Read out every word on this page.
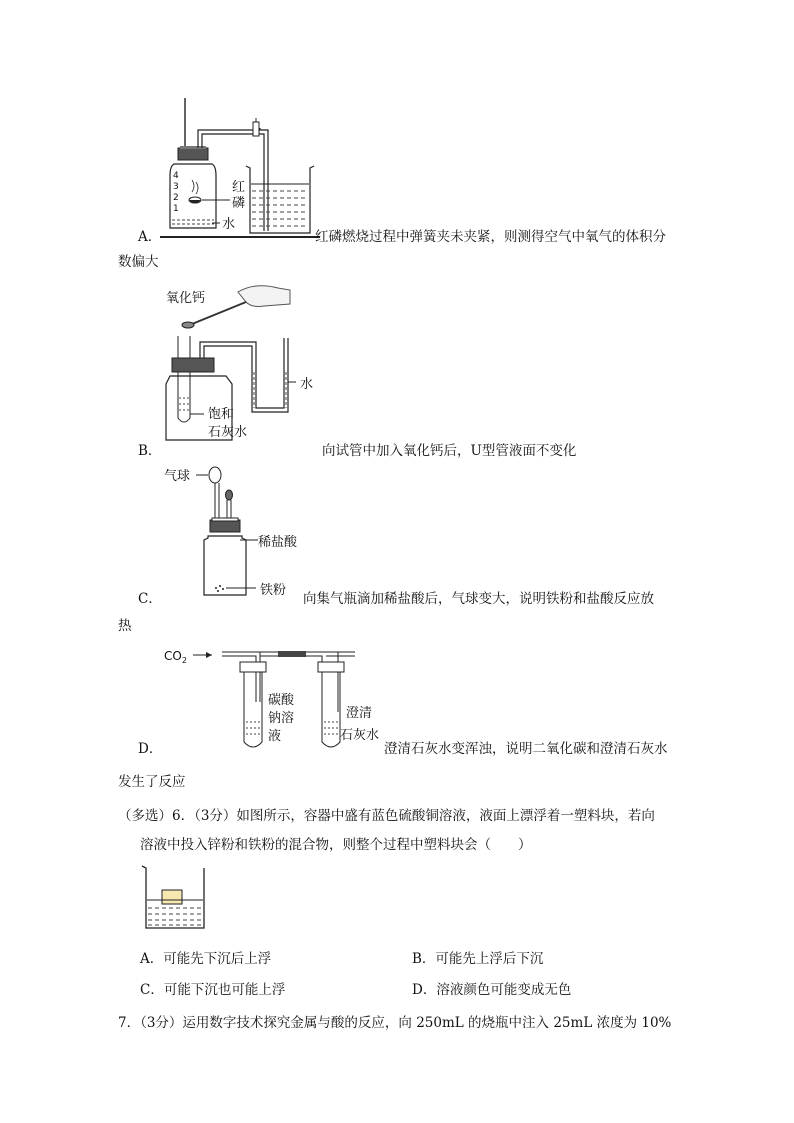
4
3
2
1
红
磷
水
A．	红磷燃烧过程中弹簧夹未夹紧，则测得空气中氧气的体积分
数偏大
氧化钙
水
饱和
石灰水
B．	向试管中加入氧化钙后，U型管液面不变化
气球
稀盐酸
铁粉
C．	向集气瓶滴加稀盐酸后，气球变大，说明铁粉和盐酸反应放
热
$CO_2$
碳酸
钠溶
液
澄清
石灰水
D．	澄清石灰水变浑浊，说明二氧化碳和澄清石灰水
发生了反应
（多选）6．（3分）如图所示，容器中盛有蓝色硫酸铜溶液，液面上漂浮着一塑料块，若向
溶液中投入锌粉和铁粉的混合物，则整个过程中塑料块会（　　）
A．可能先下沉后上浮	B．可能先上浮后下沉
C．可能下沉也可能上浮	D．溶液颜色可能变成无色
7．（3分）运用数字技术探究金属与酸的反应，向 250mL 的烧瓶中注入 25mL 浓度为 10%
